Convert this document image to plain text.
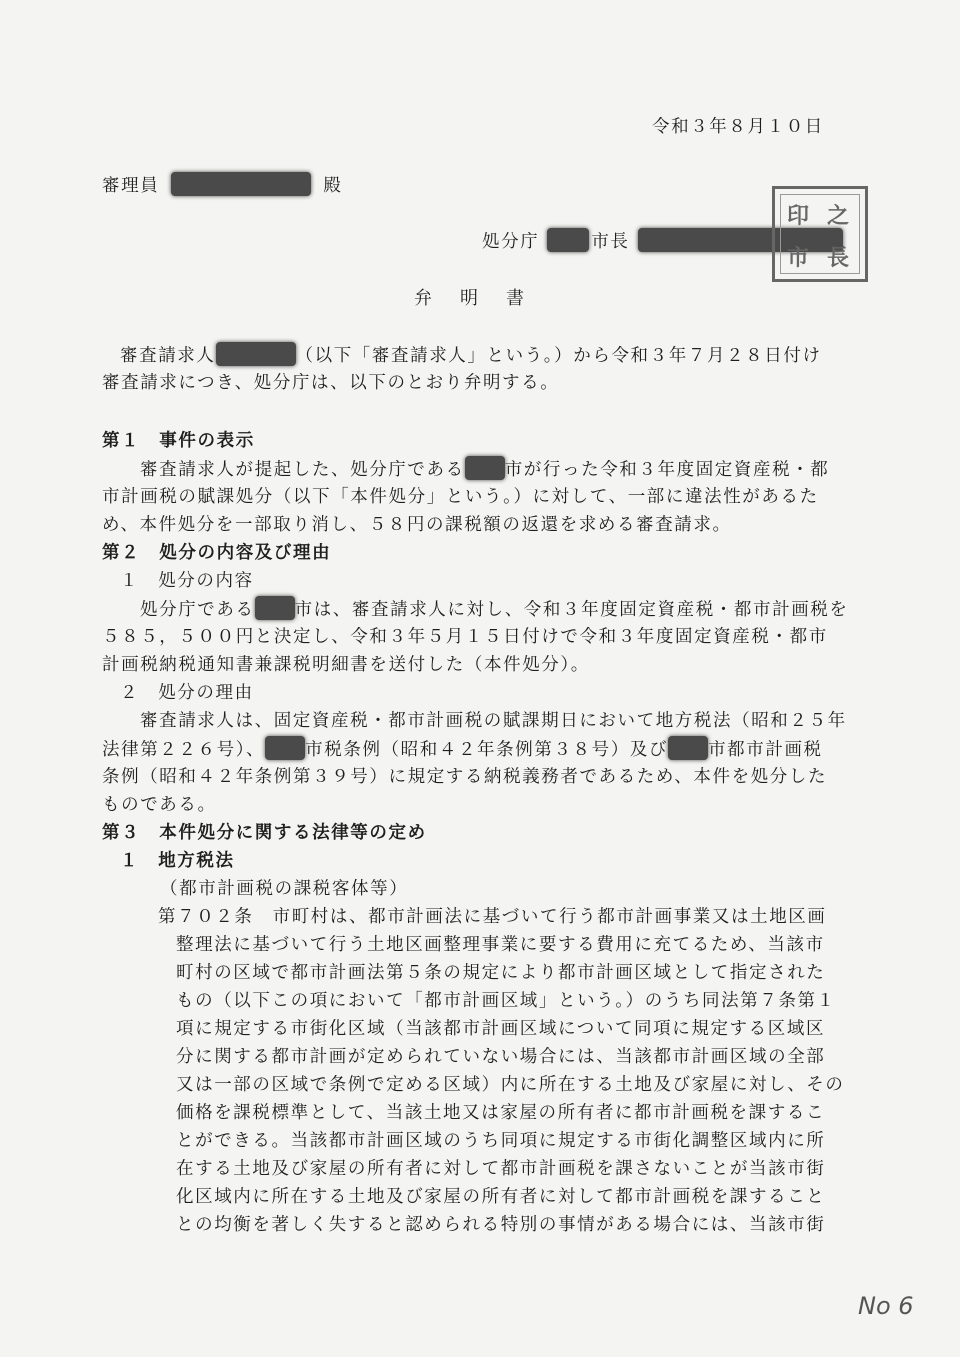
令和３年８月１０日
審理員	殿
処分庁	市長
印 之
市 長
弁明書
審査請求人	（以下「審査請求人」という。）から令和３年７月２８日付け
審査請求につき、処分庁は、以下のとおり弁明する。
第１　事件の表示
審査請求人が提起した、処分庁である 市が行った令和３年度固定資産税・都
市計画税の賦課処分（以下「本件処分」という。）に対して、一部に違法性があるた
め、本件処分を一部取り消し、５８円の課税額の返還を求める審査請求。
第２　処分の内容及び理由
１　処分の内容
処分庁である 市は、審査請求人に対し、令和３年度固定資産税・都市計画税を
５８５，５００円と決定し、令和３年５月１５日付けで令和３年度固定資産税・都市
計画税納税通知書兼課税明細書を送付した（本件処分）。
２　処分の理由
審査請求人は、固定資産税・都市計画税の賦課期日において地方税法（昭和２５年
法律第２２６号）、 市税条例（昭和４２年条例第３８号）及び 市都市計画税
条例（昭和４２年条例第３９号）に規定する納税義務者であるため、本件を処分した
ものである。
第３　本件処分に関する法律等の定め
１　地方税法
（都市計画税の課税客体等）
第７０２条　市町村は、都市計画法に基づいて行う都市計画事業又は土地区画
整理法に基づいて行う土地区画整理事業に要する費用に充てるため、当該市
町村の区域で都市計画法第５条の規定により都市計画区域として指定された
もの（以下この項において「都市計画区域」という。）のうち同法第７条第１
項に規定する市街化区域（当該都市計画区域について同項に規定する区域区
分に関する都市計画が定められていない場合には、当該都市計画区域の全部
又は一部の区域で条例で定める区域）内に所在する土地及び家屋に対し、その
価格を課税標準として、当該土地又は家屋の所有者に都市計画税を課するこ
とができる。当該都市計画区域のうち同項に規定する市街化調整区域内に所
在する土地及び家屋の所有者に対して都市計画税を課さないことが当該市街
化区域内に所在する土地及び家屋の所有者に対して都市計画税を課すること
との均衡を著しく失すると認められる特別の事情がある場合には、当該市街
No 6
